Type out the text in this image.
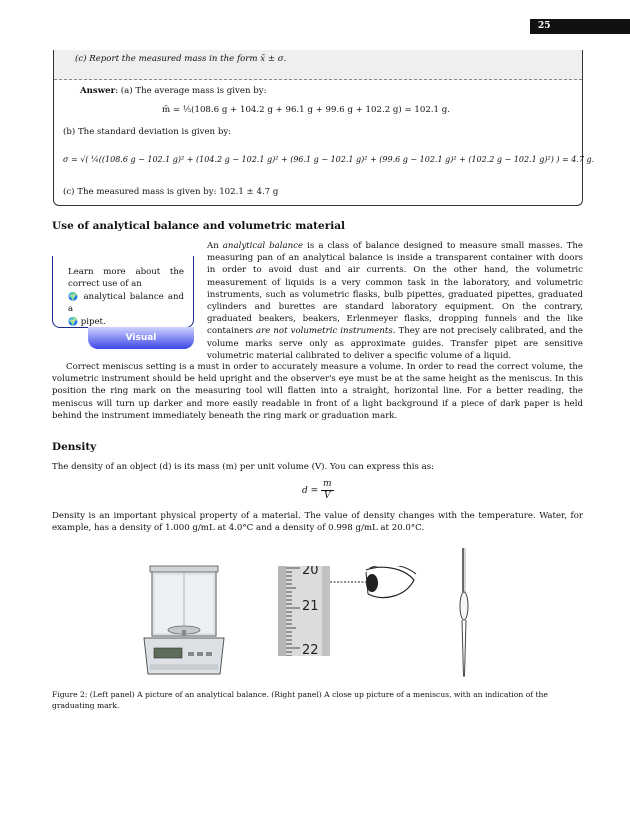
25
(c) Report the measured mass in the form x̄ ± σ.
Answer: (a) The average mass is given by:
m̄ = ⅕(108.6 g + 104.2 g + 96.1 g + 99.6 g + 102.2 g) = 102.1 g.
(b) The standard deviation is given by:
σ = √( ¼((108.6 g − 102.1 g)² + (104.2 g − 102.1 g)² + (96.1 g − 102.1 g)² + (99.6 g − 102.1 g)² + (102.2 g − 102.1 g)²) ) = 4.7 g.
(c) The measured mass is given by: 102.1 ± 4.7 g
Use of analytical balance and volumetric material
Learn more about the correct use of an
🌍 analytical balance and a
🌍 pipet.
Visual
An analytical balance is a class of balance designed to measure small masses. The measuring pan of an analytical balance is inside a transparent container with doors in order to avoid dust and air currents. On the other hand, the volumetric measurement of liquids is a very common task in the laboratory, and volumetric instruments, such as volumetric flasks, bulb pipettes, graduated pipettes, graduated cylinders and burettes are standard laboratory equipment. On the contrary, graduated beakers, beakers, Erlenmeyer flasks, dropping funnels and the like containers are not volumetric instruments. They are not precisely calibrated, and the volume marks serve only as approximate guides. Transfer pipet are sensitive volumetric material calibrated to deliver a specific volume of a liquid.
Correct meniscus setting is a must in order to accurately measure a volume. In order to read the correct volume, the volumetric instrument should be held upright and the observer's eye must be at the same height as the meniscus. In this position the ring mark on the measuring tool will flatten into a straight, horizontal line. For a better reading, the meniscus will turn up darker and more easily readable in front of a light background if a piece of dark paper is held behind the instrument immediately beneath the ring mark or graduation mark.
Density
The density of an object (d) is its mass (m) per unit volume (V). You can express this as:
$d = \frac{m}{V}$
Density is an important physical property of a material. The value of density changes with the temperature. Water, for example, has a density of 1.000 g/mL at 4.0°C and a density of 0.998 g/mL at 20.0°C.
20
21
22
Figure 2: (Left panel) A picture of an analytical balance. (Right panel) A close up picture of a meniscus, with an indication of the graduating mark.
